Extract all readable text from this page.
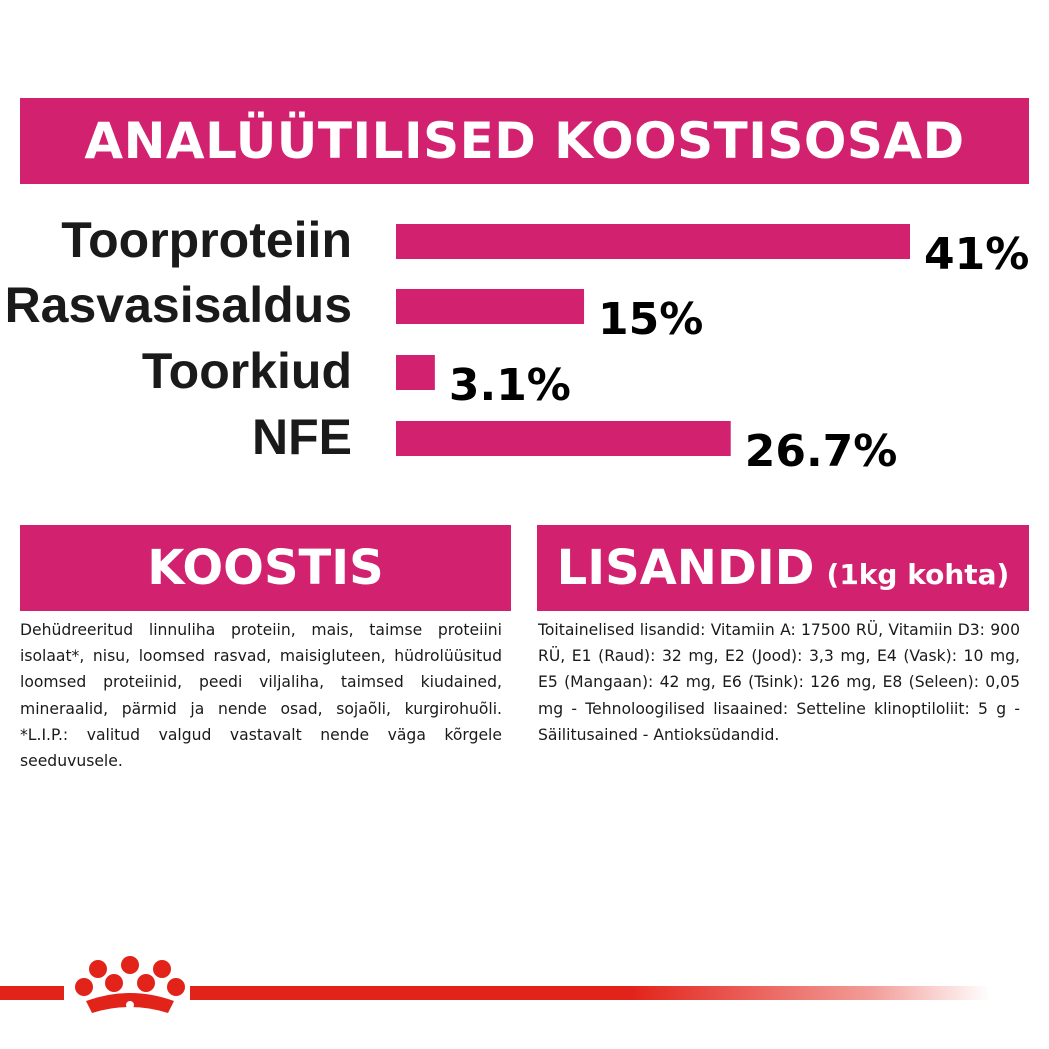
ANALÜÜTILISED KOOSTISOSAD
Toorproteiin	41%
Rasvasisaldus	15%
Toorkiud 3.1%
NFE	26.7%
KOOSTIS
Dehüdreeritud linnuliha proteiin, mais, taimse proteiini isolaat*, nisu, loomsed rasvad, maisigluteen, hüdrolüüsitud loomsed proteiinid, peedi viljaliha, taimsed kiudained, mineraalid, pärmid ja nende osad, sojaõli, kurgirohuõli. *L.I.P.: valitud valgud vastavalt nende väga kõrgele seeduvusele.
LISANDID (1kg kohta)
Toitainelised lisandid: Vitamiin A: 17500 RÜ, Vitamiin D3: 900 RÜ, E1 (Raud): 32 mg, E2 (Jood): 3,3 mg, E4 (Vask): 10 mg, E5 (Mangaan): 42 mg, E6 (Tsink): 126 mg, E8 (Seleen): 0,05 mg - Tehnoloogilised lisaained: Setteline klinoptiloliit: 5 g - Säilitusained - Antioksüdandid.
